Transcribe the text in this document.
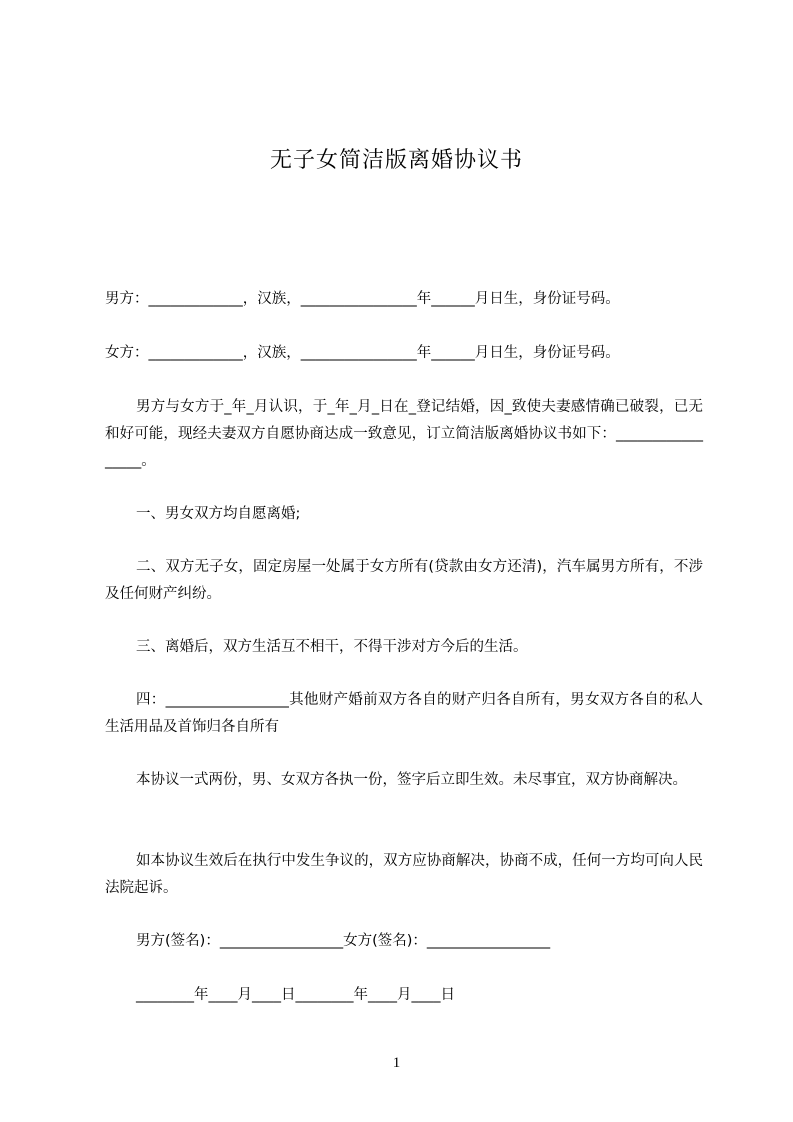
无子女简洁版离婚协议书
男方：_____________，汉族，________________年______月日生，身份证号码。
女方：_____________，汉族，________________年______月日生，身份证号码。
男方与女方于_年_月认识，于_年_月_日在_登记结婚，因_致使夫妻感情确已破裂，已无和好可能，现经夫妻双方自愿协商达成一致意见，订立简洁版离婚协议书如下：_________________。
一、男女双方均自愿离婚;
二、双方无子女，固定房屋一处属于女方所有(贷款由女方还清)，汽车属男方所有，不涉及任何财产纠纷。
三、离婚后，双方生活互不相干，不得干涉对方今后的生活。
四：_________________其他财产婚前双方各自的财产归各自所有，男女双方各自的私人生活用品及首饰归各自所有
本协议一式两份，男、女双方各执一份，签字后立即生效。未尽事宜，双方协商解决。
如本协议生效后在执行中发生争议的，双方应协商解决，协商不成，任何一方均可向人民法院起诉。
男方(签名)：_________________女方(签名)：_________________
________年____月____日________年____月____日
1
